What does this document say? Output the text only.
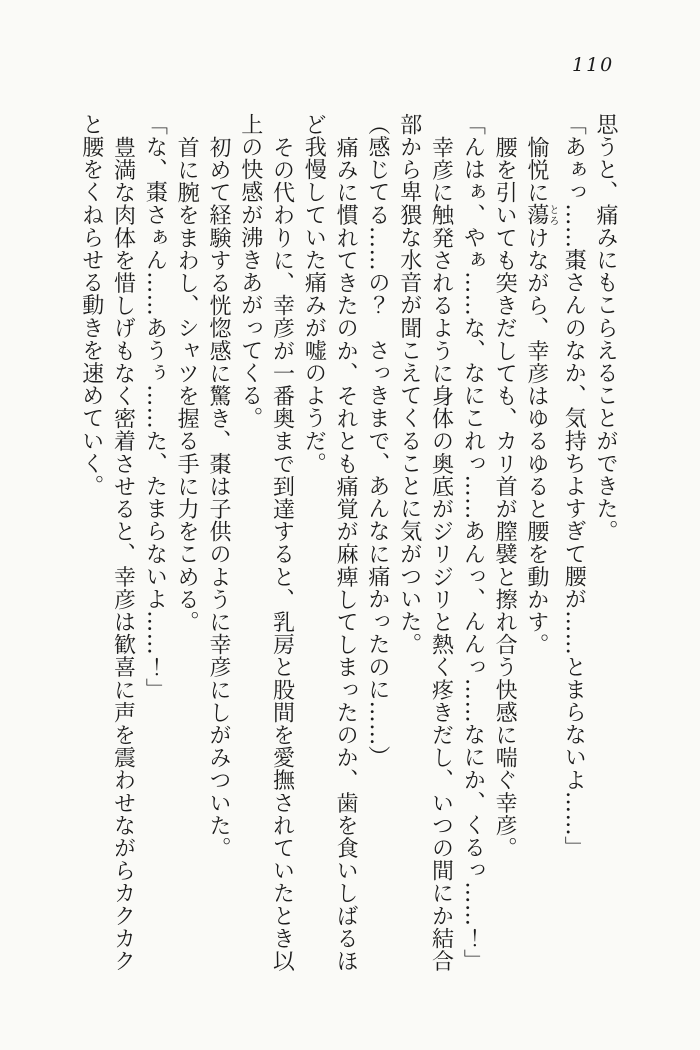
110
思うと、痛みにもこらえることができた。
「あぁっ……棗さんのなか、気持ちよすぎて腰が……とまらないよ……」
愉悦に蕩とろけながら、幸彦はゆるゆると腰を動かす。
腰を引いても突きだしても、カリ首が膣襞と擦れ合う快感に喘ぐ幸彦。
「んはぁ、やぁ……な、なにこれっ……あんっ、んんっ……なにか、くるっ……！」
幸彦に触発されるように身体の奥底がジリジリと熱く疼きだし、いつの間にか結合
部から卑猥な水音が聞こえてくることに気がついた。
（感じてる……の？　さっきまで、あんなに痛かったのに……）
痛みに慣れてきたのか、それとも痛覚が麻痺してしまったのか、歯を食いしばるほ
ど我慢していた痛みが嘘のようだ。
その代わりに、幸彦が一番奥まで到達すると、乳房と股間を愛撫されていたとき以
上の快感が沸きあがってくる。
初めて経験する恍惚感に驚き、棗は子供のように幸彦にしがみついた。
首に腕をまわし、シャツを握る手に力をこめる。
「な、棗さぁん……あうぅ……た、たまらないよ……！」
豊満な肉体を惜しげもなく密着させると、幸彦は歓喜に声を震わせながらカクカク
と腰をくねらせる動きを速めていく。
